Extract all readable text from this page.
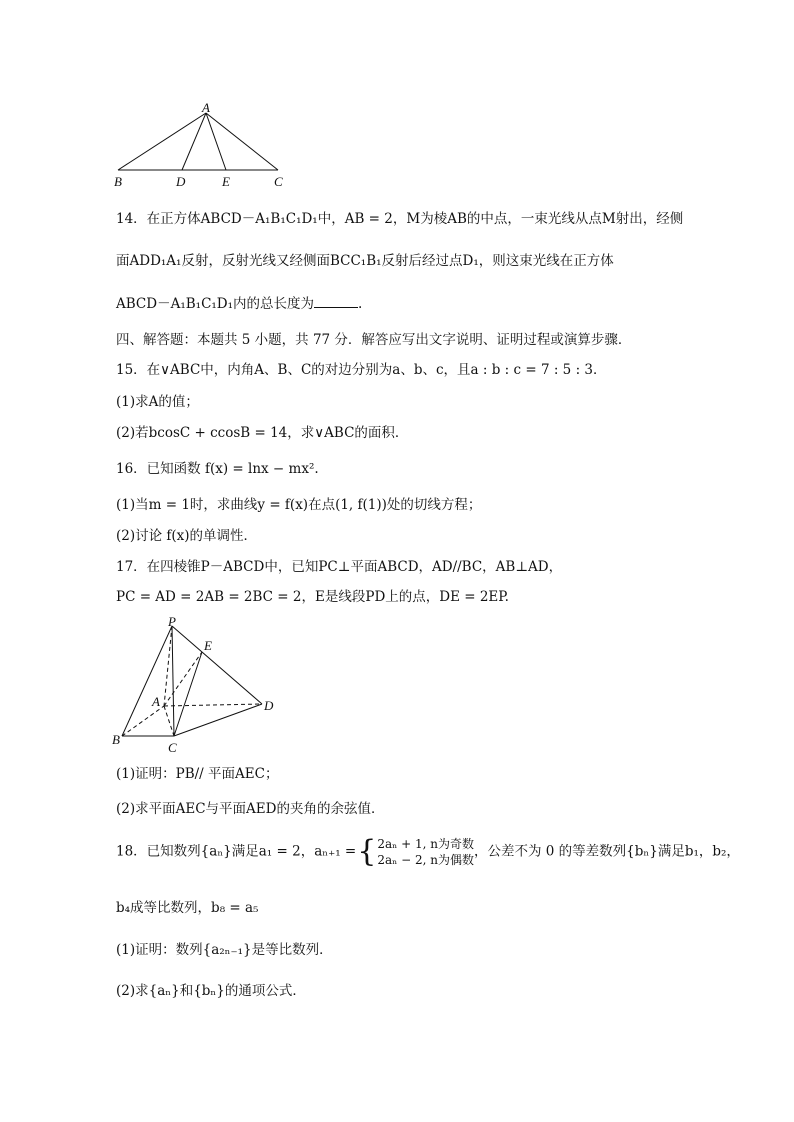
A
B	D	E	C
14．在正方体ABCD－A₁B₁C₁D₁中，AB = 2，M为棱AB的中点，一束光线从点M射出，经侧
面ADD₁A₁反射，反射光线又经侧面BCC₁B₁反射后经过点D₁，则这束光线在正方体
ABCD－A₁B₁C₁D₁内的总长度为	.
四、解答题：本题共 5 小题，共 77 分．解答应写出文字说明、证明过程或演算步骤．
15．在∨ABC中，内角A、B、C的对边分别为a、b、c，且a : b : c = 7 : 5 : 3．
(1)求A的值；
(2)若bcosC + ccosB = 14，求∨ABC的面积．
16．已知函数 f(x) = lnx − mx².
(1)当m = 1时，求曲线y = f(x)在点(1, f(1))处的切线方程；
(2)讨论 f(x)的单调性．
17．在四棱锥P－ABCD中，已知PC⊥平面ABCD，AD//BC，AB⊥AD，
PC = AD = 2AB = 2BC = 2，E是线段PD上的点，DE = 2EP.
P
E
A	D
B
C
(1)证明：PB// 平面AEC；
(2)求平面AEC与平面AED的夹角的余弦值．
18．已知数列{aₙ}满足a₁ = 2，aₙ₊₁ ={2aₙ + 1, n为奇数
2aₙ − 2, n为偶数，公差不为 0 的等差数列{bₙ}满足b₁，b₂，
b₄成等比数列，b₈ = a₅
(1)证明：数列{a₂ₙ₋₁}是等比数列．
(2)求{aₙ}和{bₙ}的通项公式．
